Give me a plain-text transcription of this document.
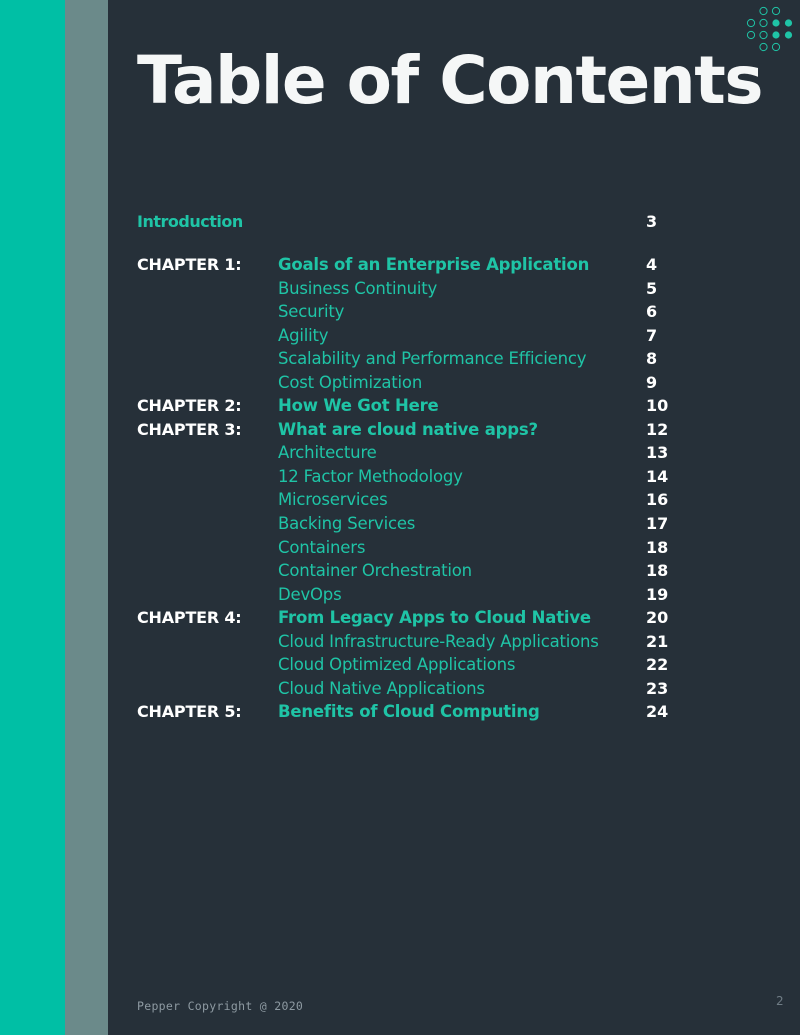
Table of Contents
Introduction	3
CHAPTER 1: Goals of an Enterprise Application	4
Business Continuity	5
Security	6
Agility	7
Scalability and Performance Efficiency	8
Cost Optimization	9
CHAPTER 2: How We Got Here	10
CHAPTER 3: What are cloud native apps?	12
Architecture	13
12 Factor Methodology	14
Microservices	16
Backing Services	17
Containers	18
Container Orchestration	18
DevOps	19
CHAPTER 4: From Legacy Apps to Cloud Native	20
Cloud Infrastructure-Ready Applications	21
Cloud Optimized Applications	22
Cloud Native Applications	23
CHAPTER 5: Benefits of Cloud Computing	24
Pepper Copyright @ 2020	2
